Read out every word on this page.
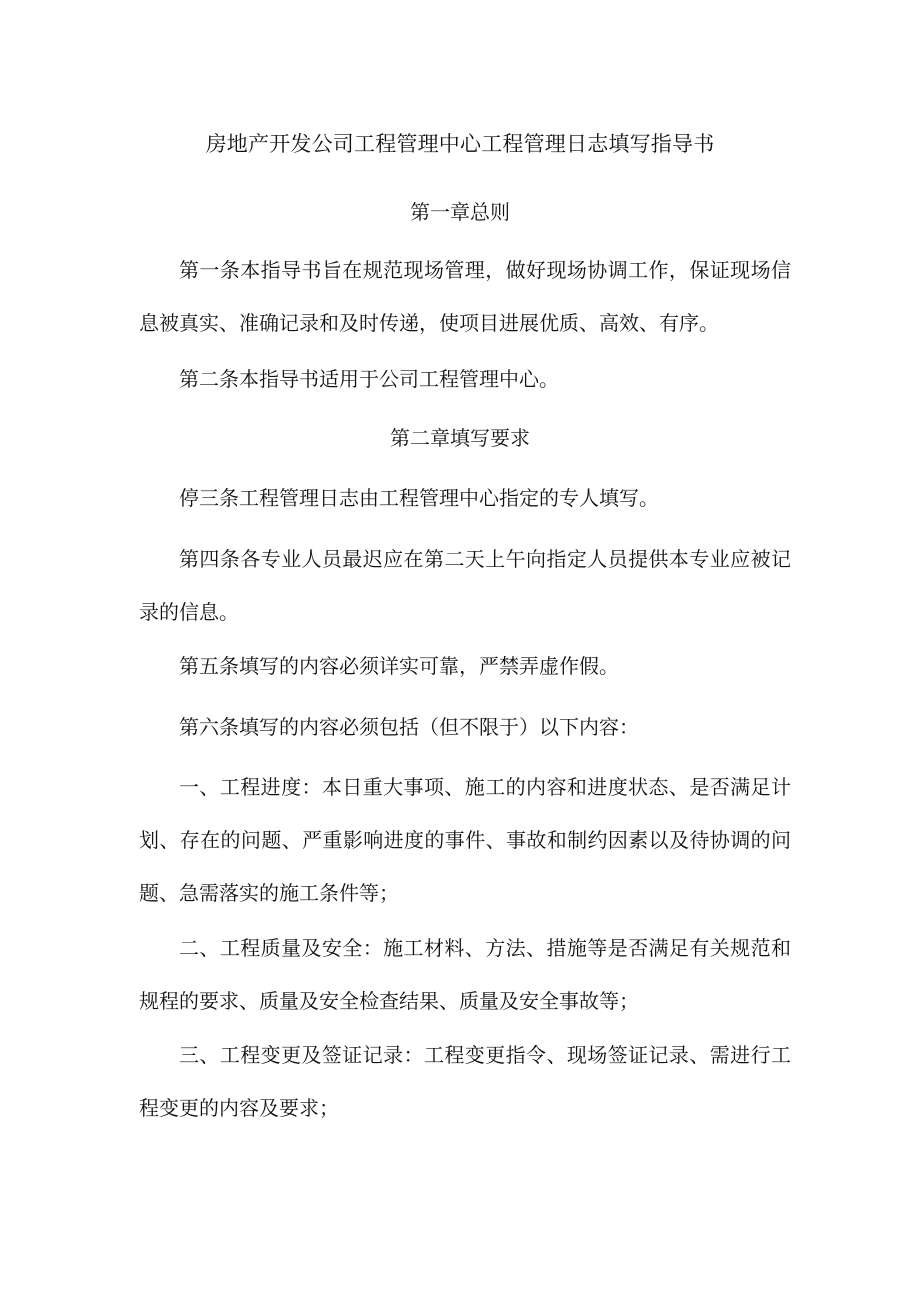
房地产开发公司工程管理中心工程管理日志填写指导书
第一章总则

第一条本指导书旨在规范现场管理，做好现场协调工作，保证现场信息被真实、准确记录和及时传递，使项目进展优质、高效、有序。

第二条本指导书适用于公司工程管理中心。

第二章填写要求

停三条工程管理日志由工程管理中心指定的专人填写。

第四条各专业人员最迟应在第二天上午向指定人员提供本专业应被记录的信息。

第五条填写的内容必须详实可靠，严禁弄虚作假。

第六条填写的内容必须包括（但不限于）以下内容：

一、工程进度：本日重大事项、施工的内容和进度状态、是否满足计划、存在的问题、严重影响进度的事件、事故和制约因素以及待协调的问题、急需落实的施工条件等；

二、工程质量及安全：施工材料、方法、措施等是否满足有关规范和规程的要求、质量及安全检查结果、质量及安全事故等；

三、工程变更及签证记录：工程变更指令、现场签证记录、需进行工程变更的内容及要求；
